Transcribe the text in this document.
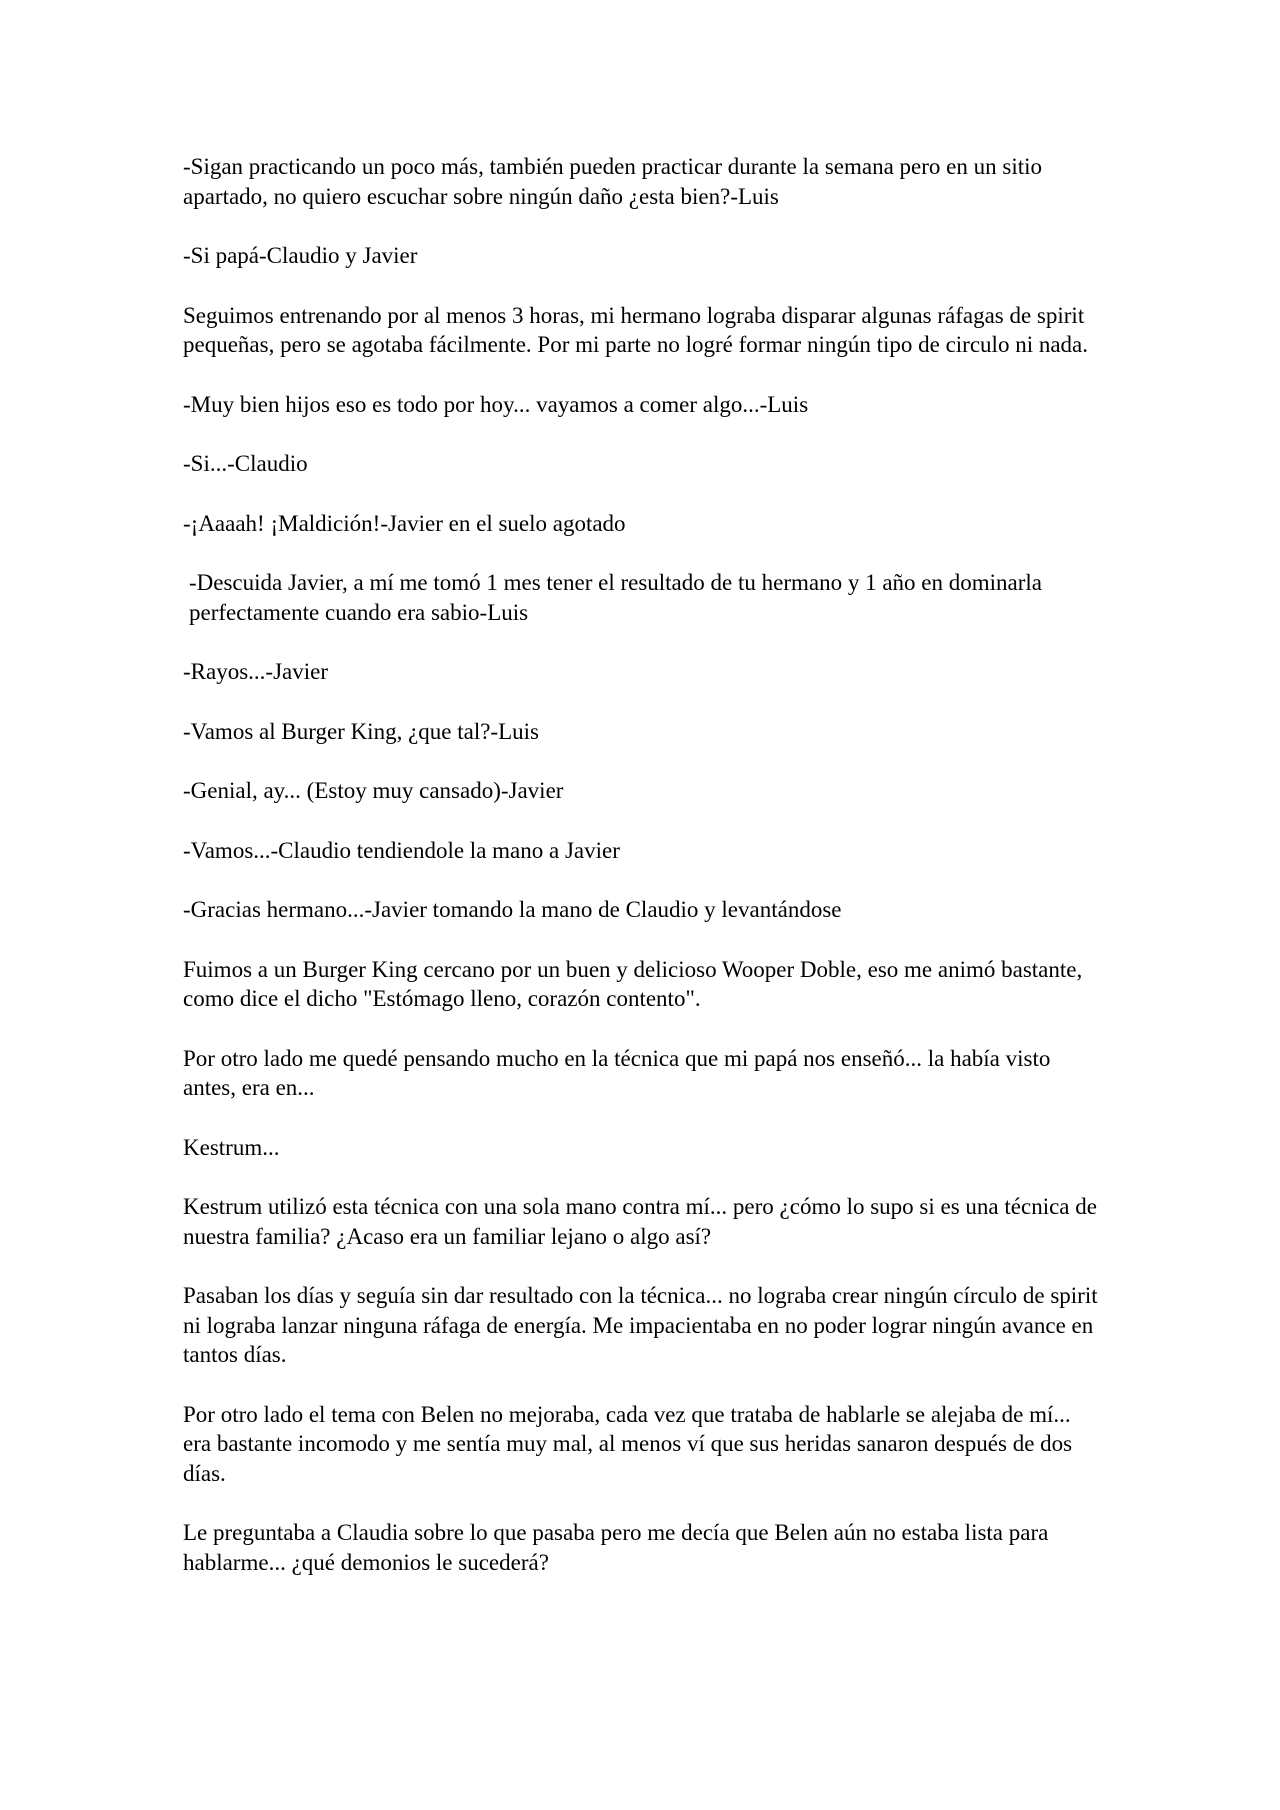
-Sigan practicando un poco más, también pueden practicar durante la semana pero en un sitio apartado, no quiero escuchar sobre ningún daño ¿esta bien?-Luis

-Si papá-Claudio y Javier

Seguimos entrenando por al menos 3 horas, mi hermano lograba disparar algunas ráfagas de spirit pequeñas, pero se agotaba fácilmente. Por mi parte no logré formar ningún tipo de circulo ni nada.

-Muy bien hijos eso es todo por hoy... vayamos a comer algo...-Luis

-Si...-Claudio

-¡Aaaah! ¡Maldición!-Javier en el suelo agotado

-Descuida Javier, a mí me tomó 1 mes tener el resultado de tu hermano y 1 año en dominarla perfectamente cuando era sabio-Luis

-Rayos...-Javier

-Vamos al Burger King, ¿que tal?-Luis

-Genial, ay... (Estoy muy cansado)-Javier

-Vamos...-Claudio tendiendole la mano a Javier

-Gracias hermano...-Javier tomando la mano de Claudio y levantándose

Fuimos a un Burger King cercano por un buen y delicioso Wooper Doble, eso me animó bastante, como dice el dicho "Estómago lleno, corazón contento".

Por otro lado me quedé pensando mucho en la técnica que mi papá nos enseñó... la había visto antes, era en...

Kestrum...

Kestrum utilizó esta técnica con una sola mano contra mí... pero ¿cómo lo supo si es una técnica de nuestra familia? ¿Acaso era un familiar lejano o algo así?

Pasaban los días y seguía sin dar resultado con la técnica... no lograba crear ningún círculo de spirit ni lograba lanzar ninguna ráfaga de energía. Me impacientaba en no poder lograr ningún avance en tantos días.

Por otro lado el tema con Belen no mejoraba, cada vez que trataba de hablarle se alejaba de mí... era bastante incomodo y me sentía muy mal, al menos ví que sus heridas sanaron después de dos días.

Le preguntaba a Claudia sobre lo que pasaba pero me decía que Belen aún no estaba lista para hablarme... ¿qué demonios le sucederá?
